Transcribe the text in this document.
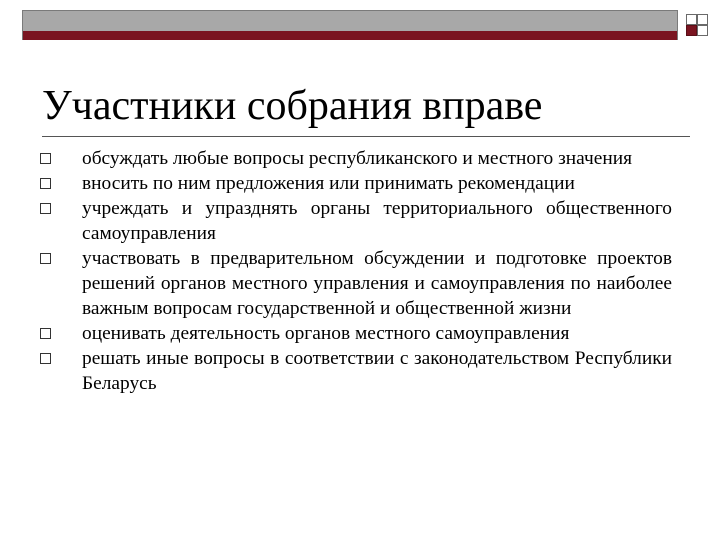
Участники собрания вправе
обсуждать любые вопросы республиканского и местного значения
вносить по ним предложения или принимать рекомендации
учреждать и упразднять органы территориального общественного самоуправления
участвовать в предварительном обсуждении и подготовке проектов решений органов местного управления и самоуправления по наиболее важным вопросам государственной и общественной жизни
оценивать деятельность органов местного самоуправления
решать иные вопросы в соответствии с законодательством Республики Беларусь
